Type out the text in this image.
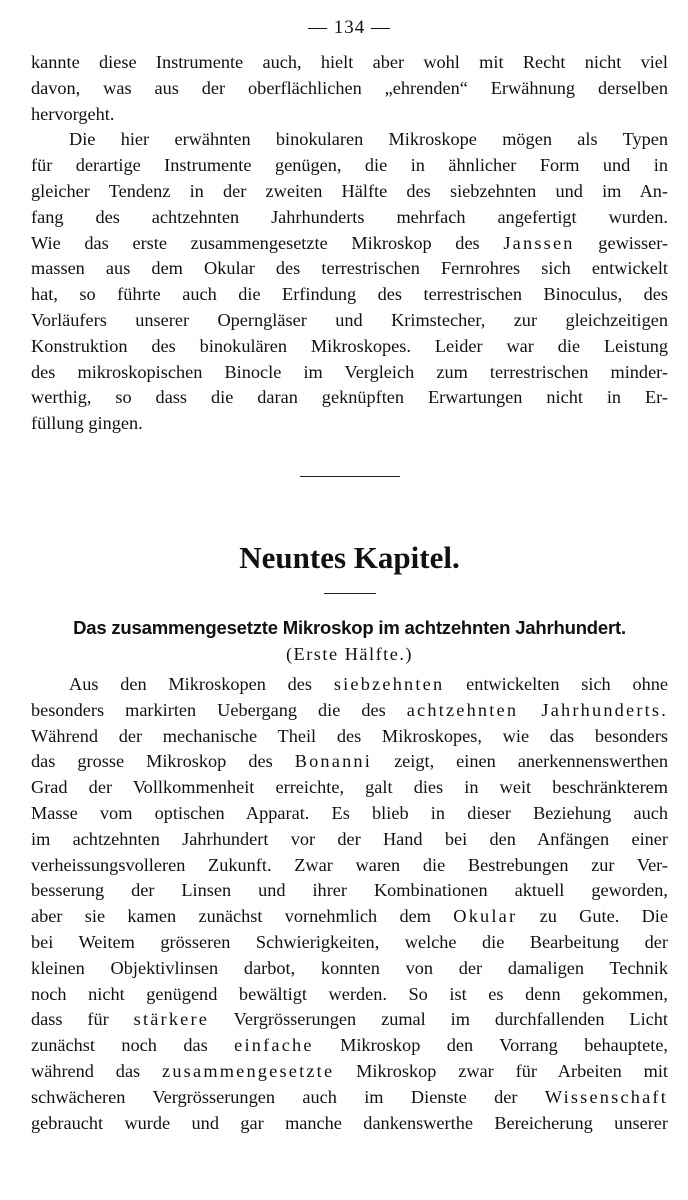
— 134 —

kannte diese Instrumente auch, hielt aber wohl mit Recht nicht viel
davon, was aus der oberflächlichen „ehrenden“ Erwähnung derselben
hervorgeht.

Die hier erwähnten binokularen Mikroskope mögen als Typen
für derartige Instrumente genügen, die in ähnlicher Form und in
gleicher Tendenz in der zweiten Hälfte des siebzehnten und im An-
fang des achtzehnten Jahrhunderts mehrfach angefertigt wurden.
Wie das erste zusammengesetzte Mikroskop des Janssen gewisser-
massen aus dem Okular des terrestrischen Fernrohres sich entwickelt
hat, so führte auch die Erfindung des terrestrischen Binoculus, des
Vorläufers unserer Operngläser und Krimstecher, zur gleichzeitigen
Konstruktion des binokulären Mikroskopes. Leider war die Leistung
des mikroskopischen Binocle im Vergleich zum terrestrischen minder-
werthig, so dass die daran geknüpften Erwartungen nicht in Er-
füllung gingen.

Neuntes Kapitel.
Das zusammengesetzte Mikroskop im achtzehnten Jahrhundert.
(Erste Hälfte.)

Aus den Mikroskopen des siebzehnten entwickelten sich ohne
besonders markirten Uebergang die des achtzehnten Jahrhunderts.
Während der mechanische Theil des Mikroskopes, wie das besonders
das grosse Mikroskop des Bonanni zeigt, einen anerkennenswerthen
Grad der Vollkommenheit erreichte, galt dies in weit beschränkterem
Masse vom optischen Apparat. Es blieb in dieser Beziehung auch
im achtzehnten Jahrhundert vor der Hand bei den Anfängen einer
verheissungsvolleren Zukunft. Zwar waren die Bestrebungen zur Ver-
besserung der Linsen und ihrer Kombinationen aktuell geworden,
aber sie kamen zunächst vornehmlich dem Okular zu Gute. Die
bei Weitem grösseren Schwierigkeiten, welche die Bearbeitung der
kleinen Objektivlinsen darbot, konnten von der damaligen Technik
noch nicht genügend bewältigt werden. So ist es denn gekommen,
dass für stärkere Vergrösserungen zumal im durchfallenden Licht
zunächst noch das einfache Mikroskop den Vorrang behauptete,
während das zusammengesetzte Mikroskop zwar für Arbeiten mit
schwächeren Vergrösserungen auch im Dienste der Wissenschaft
gebraucht wurde und gar manche dankenswerthe Bereicherung unserer
